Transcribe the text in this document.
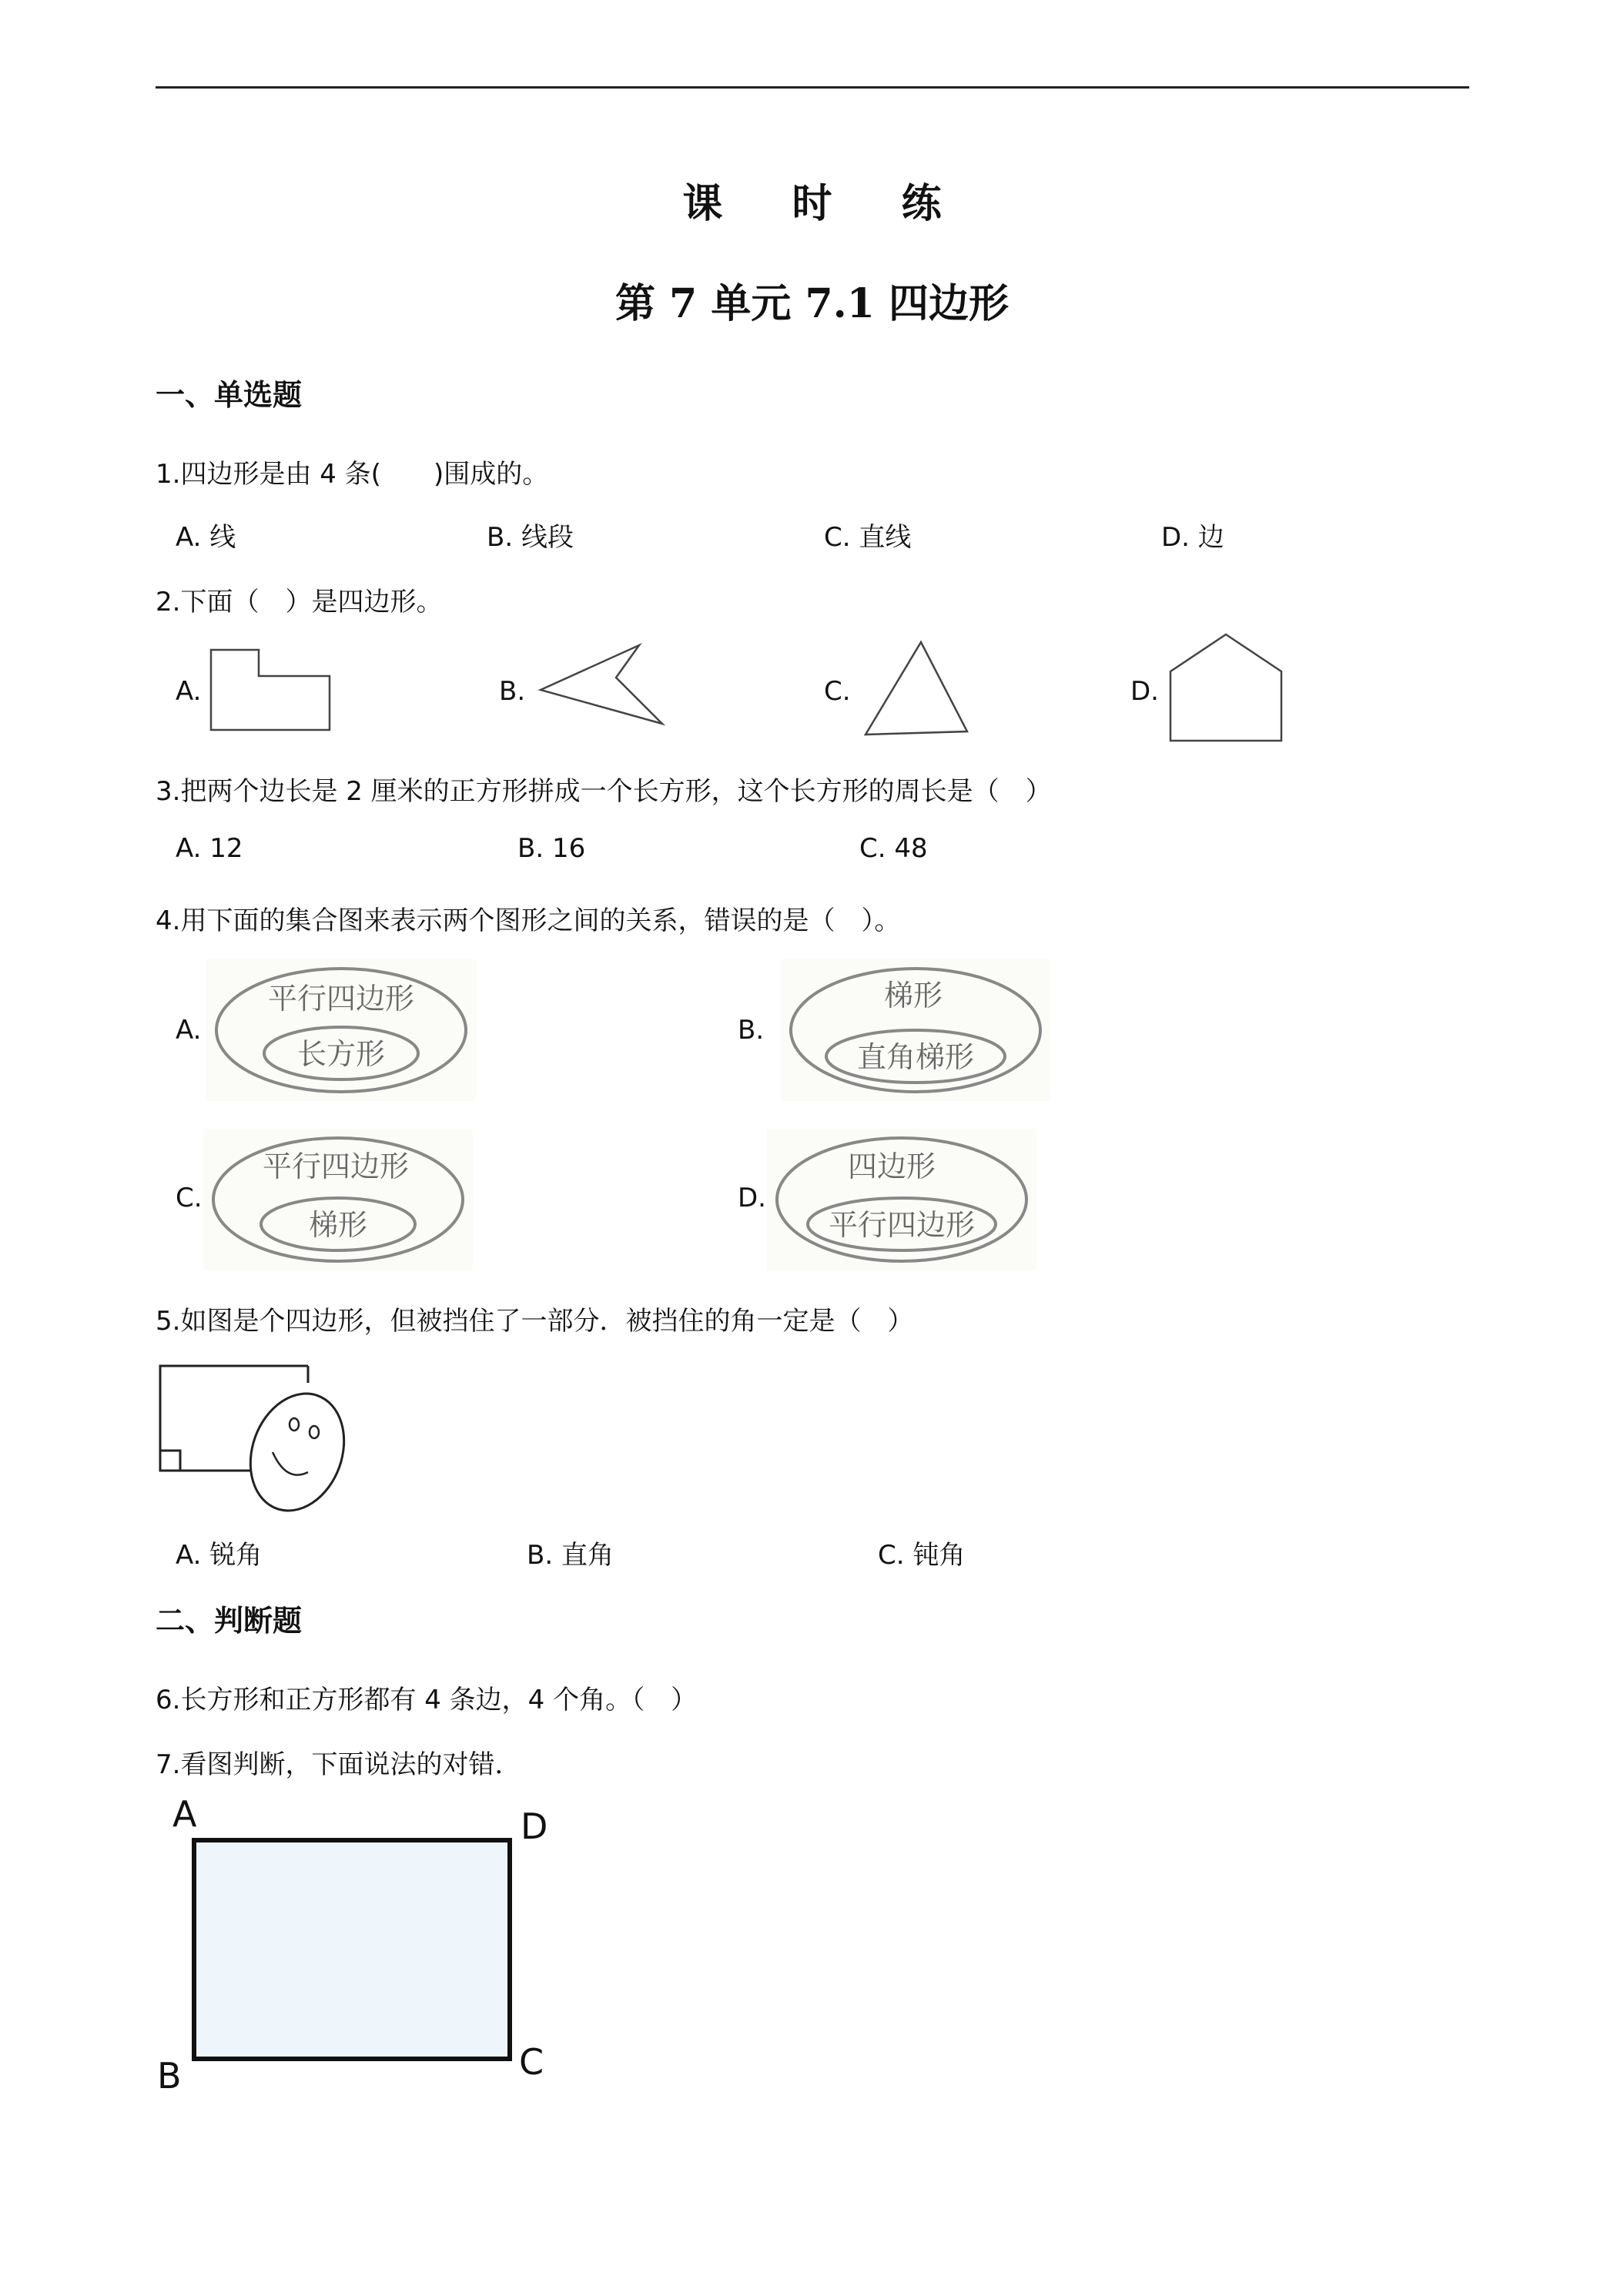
课 时 练
第 7 单元 7.1 四边形
一、单选题
1.四边形是由 4 条(　　)围成的。
A. 线	B. 线段	C. 直线	D. 边
2.下面（　）是四边形。
A.	B.	C.	D.
3.把两个边长是 2 厘米的正方形拼成一个长方形，这个长方形的周长是（　）
A. 12	B. 16	C. 48
4.用下面的集合图来表示两个图形之间的关系，错误的是（　）。
A.
平行四边形
长方形
B.
梯形
直角梯形
C.
平行四边形
梯形
D.
四边形
平行四边形
5.如图是个四边形，但被挡住了一部分．被挡住的角一定是（　）
A. 锐角	B. 直角	C. 钝角
二、判断题
6.长方形和正方形都有 4 条边，4 个角。（　）
7.看图判断，下面说法的对错．
A	D
B	C
